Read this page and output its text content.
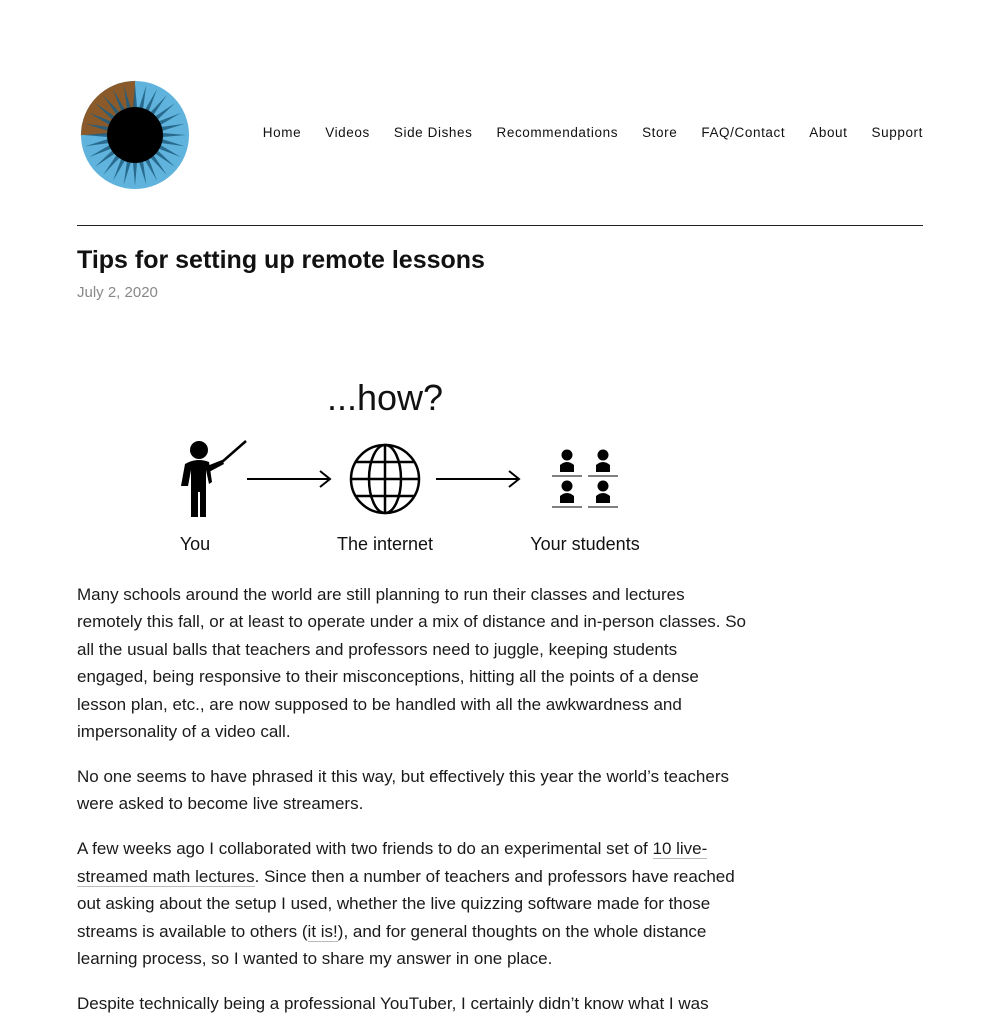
Home Videos Side Dishes Recommendations Store FAQ/Contact About Support
Tips for setting up remote lessons
July 2, 2020
...how?
You	The internet	Your students

Many schools around the world are still planning to run their classes and lectures remotely this fall, or at least to operate under a mix of distance and in-person classes. So all the usual balls that teachers and professors need to juggle, keeping students engaged, being responsive to their misconceptions, hitting all the points of a dense lesson plan, etc., are now supposed to be handled with all the awkwardness and impersonality of a video call.

No one seems to have phrased it this way, but effectively this year the world’s teachers were asked to become live streamers.

A few weeks ago I collaborated with two friends to do an experimental set of 10 live-streamed math lectures. Since then a number of teachers and professors have reached out asking about the setup I used, whether the live quizzing software made for those streams is available to others (it is!), and for general thoughts on the whole distance learning process, so I wanted to share my answer in one place.

Despite technically being a professional YouTuber, I certainly didn’t know what I was
